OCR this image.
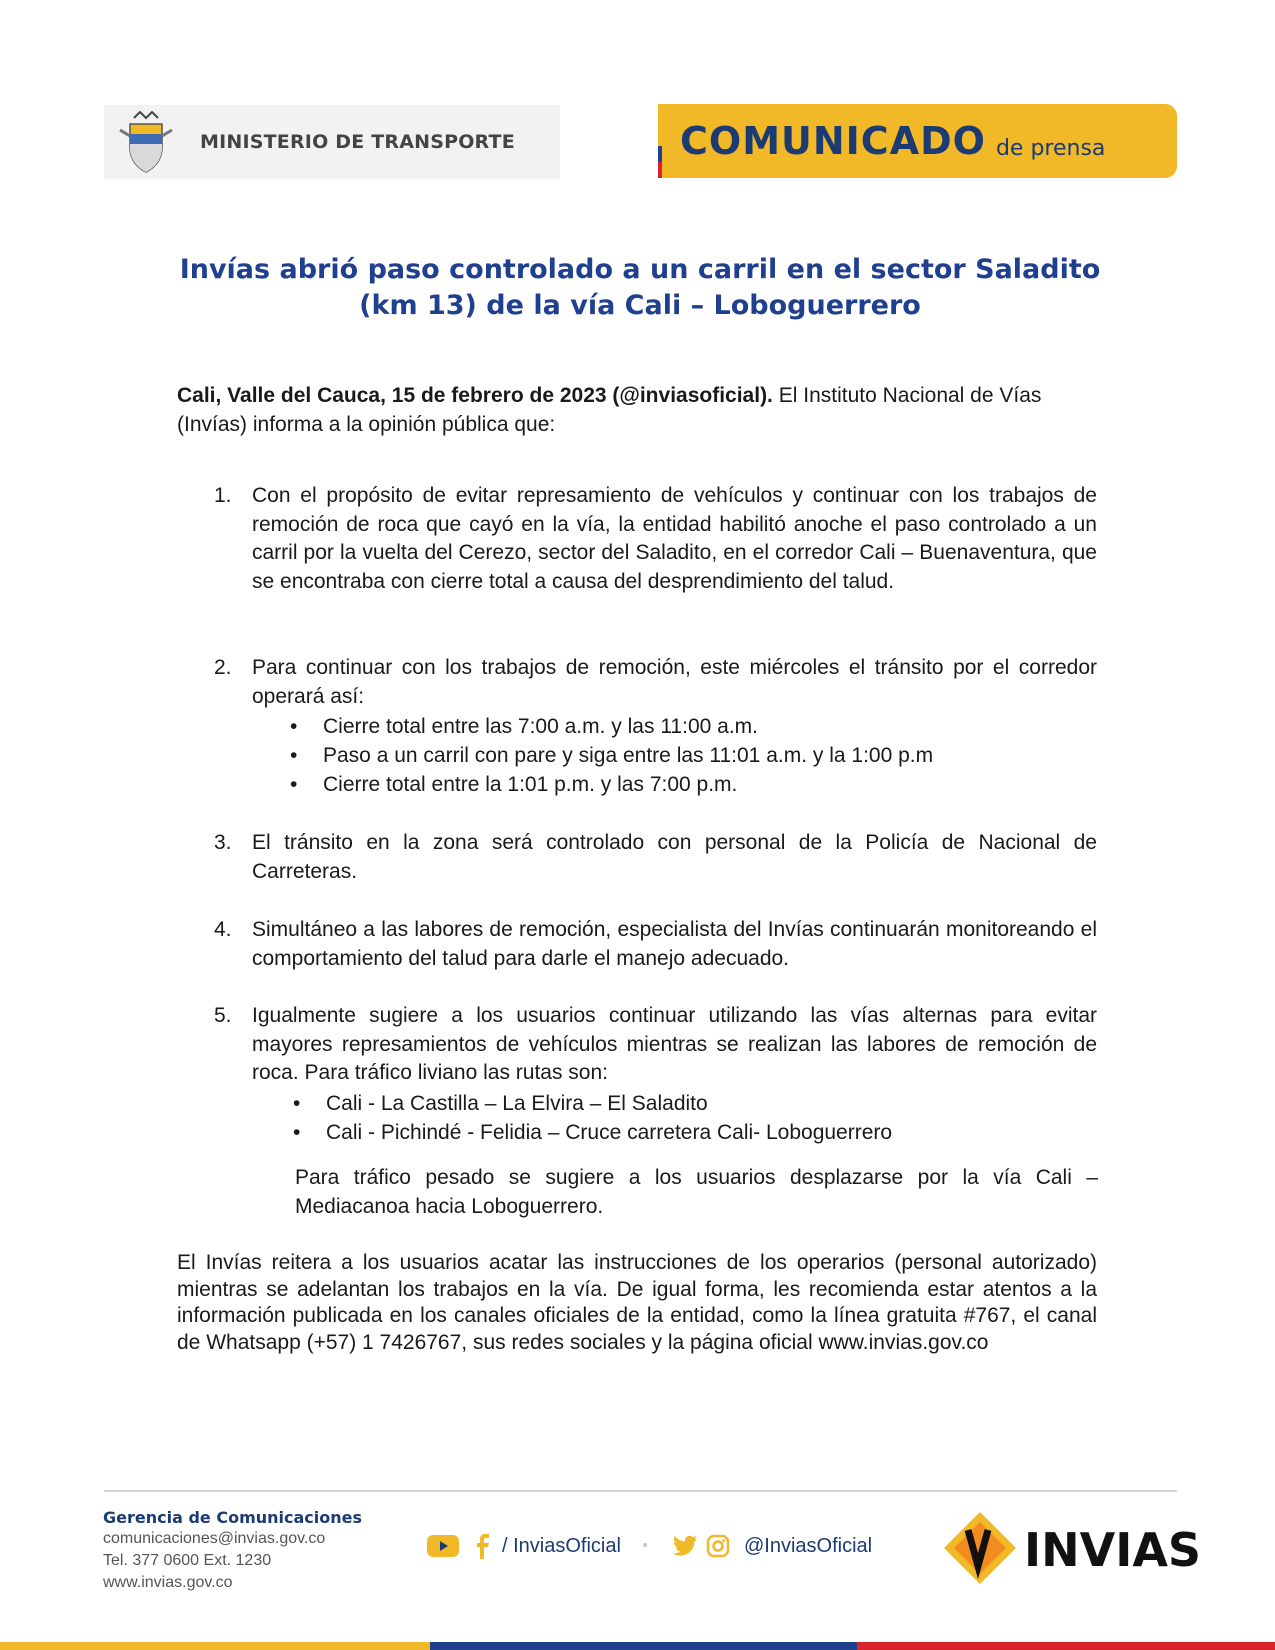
MINISTERIO DE TRANSPORTE	COMUNICADO de prensa
Invías abrió paso controlado a un carril en el sector Saladito
(km 13) de la vía Cali – Loboguerrero
Cali, Valle del Cauca, 15 de febrero de 2023 (@inviasoficial). El Instituto Nacional de Vías (Invías) informa a la opinión pública que:
1. Con el propósito de evitar represamiento de vehículos y continuar con los trabajos de remoción de roca que cayó en la vía, la entidad habilitó anoche el paso controlado a un carril por la vuelta del Cerezo, sector del Saladito, en el corredor Cali – Buenaventura, que se encontraba con cierre total a causa del desprendimiento del talud.
2. Para continuar con los trabajos de remoción, este miércoles el tránsito por el corredor operará así:
• Cierre total entre las 7:00 a.m. y las 11:00 a.m.
• Paso a un carril con pare y siga entre las 11:01 a.m. y la 1:00 p.m
• Cierre total entre la 1:01 p.m. y las 7:00 p.m.
3. El tránsito en la zona será controlado con personal de la Policía de Nacional de Carreteras.
4. Simultáneo a las labores de remoción, especialista del Invías continuarán monitoreando el comportamiento del talud para darle el manejo adecuado.
5. Igualmente sugiere a los usuarios continuar utilizando las vías alternas para evitar mayores represamientos de vehículos mientras se realizan las labores de remoción de roca. Para tráfico liviano las rutas son:
• Cali - La Castilla – La Elvira – El Saladito
• Cali - Pichindé - Felidia – Cruce carretera Cali- Loboguerrero
Para tráfico pesado se sugiere a los usuarios desplazarse por la vía Cali – Mediacanoa hacia Loboguerrero.
El Invías reitera a los usuarios acatar las instrucciones de los operarios (personal autorizado) mientras se adelantan los trabajos en la vía. De igual forma, les recomienda estar atentos a la información publicada en los canales oficiales de la entidad, como la línea gratuita #767, el canal de Whatsapp (+57) 1 7426767, sus redes sociales y la página oficial www.invias.gov.co
Gerencia de Comunicaciones
comunicaciones@invias.gov.co
Tel. 377 0600 Ext. 1230
www.invias.gov.co
/ InviasOficial •	@InviasOficial	INVIAS
